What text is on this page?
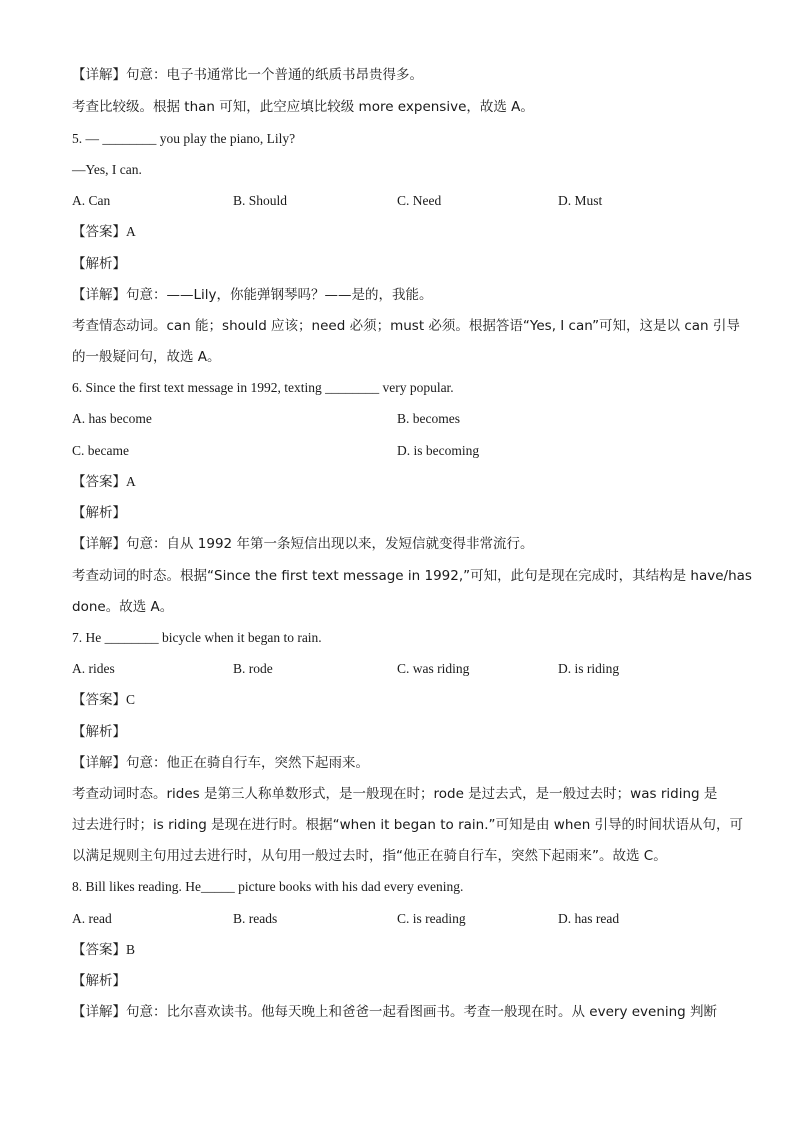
【详解】句意：电子书通常比一个普通的纸质书昂贵得多。
考查比较级。根据 than 可知，此空应填比较级 more expensive，故选 A。
5. — ________ you play the piano, Lily?
—Yes, I can.
A. Can	B. Should	C. Need	D. Must
【答案】A
【解析】
【详解】句意：——Lily，你能弹钢琴吗？——是的，我能。
考查情态动词。can 能；should 应该；need 必须；must 必须。根据答语“Yes, I can”可知，这是以 can 引导
的一般疑问句，故选 A。
6. Since the first text message in 1992, texting ________ very popular.
A. has become	B. becomes
C. became	D. is becoming
【答案】A
【解析】
【详解】句意：自从 1992 年第一条短信出现以来，发短信就变得非常流行。
考查动词的时态。根据“Since the first text message in 1992,”可知，此句是现在完成时，其结构是 have/has
done。故选 A。
7. He ________ bicycle when it began to rain.
A. rides	B. rode	C. was riding	D. is riding
【答案】C
【解析】
【详解】句意：他正在骑自行车，突然下起雨来。
考查动词时态。rides 是第三人称单数形式，是一般现在时；rode 是过去式，是一般过去时；was riding 是
过去进行时；is riding 是现在进行时。根据“when it began to rain.”可知是由 when 引导的时间状语从句，可
以满足规则主句用过去进行时，从句用一般过去时，指“他正在骑自行车，突然下起雨来”。故选 C。
8. Bill likes reading. He_____ picture books with his dad every evening.
A. read	B. reads	C. is reading	D. has read
【答案】B
【解析】
【详解】句意：比尔喜欢读书。他每天晚上和爸爸一起看图画书。考查一般现在时。从 every evening 判断
